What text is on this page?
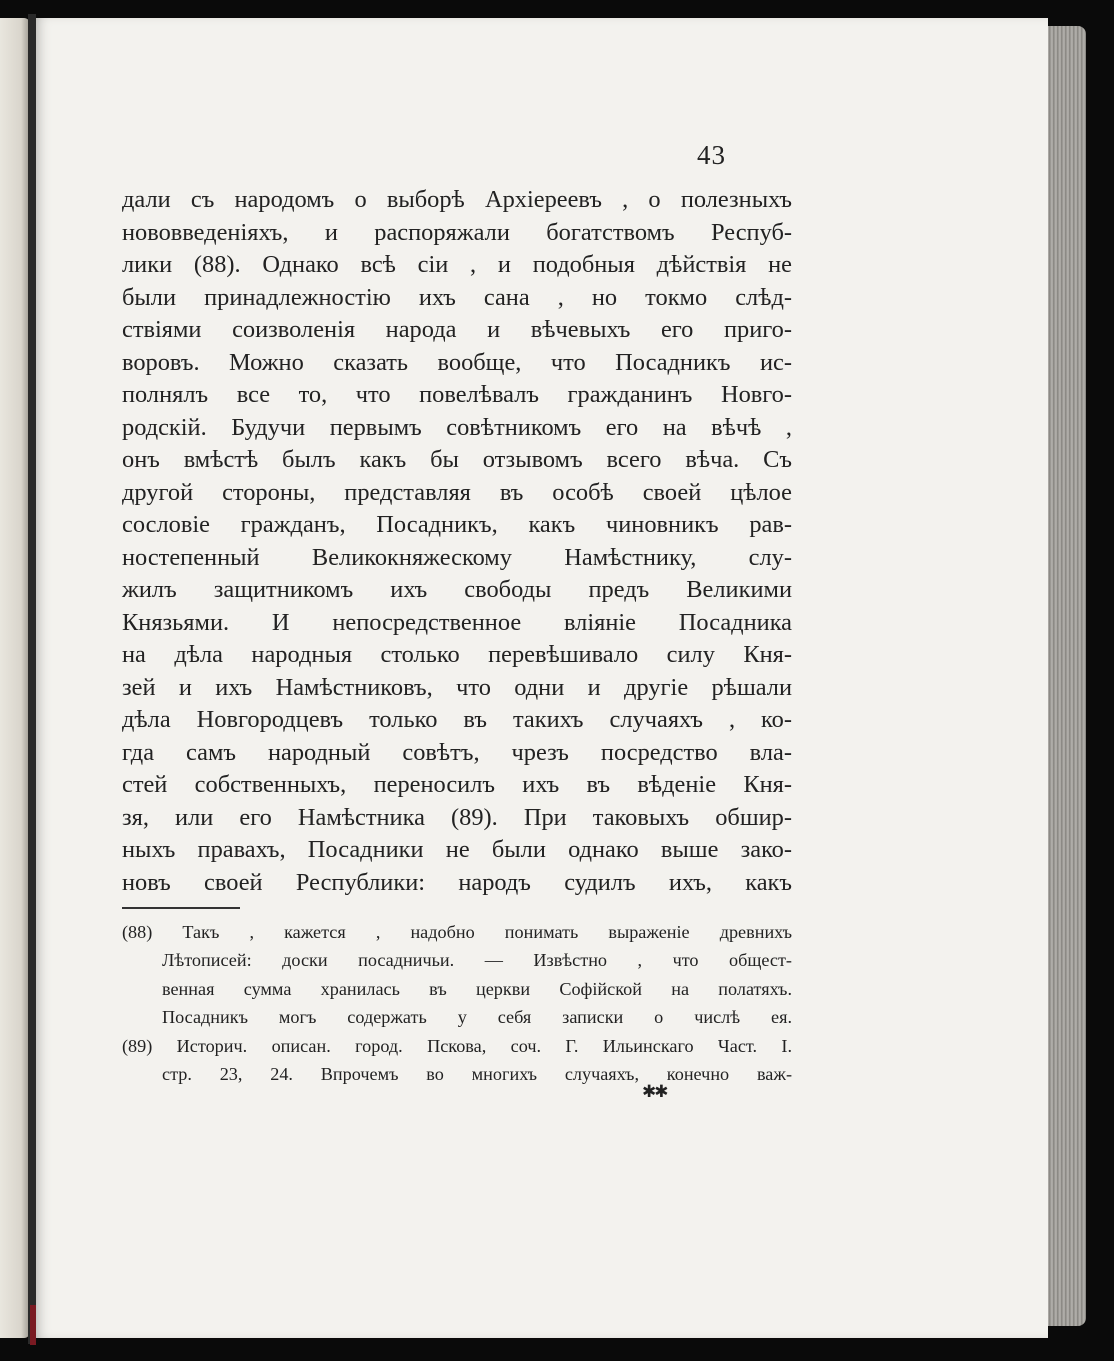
43
дали съ народомъ о выборѣ Архіереевъ , о полезныхъ
нововведеніяхъ, и распоряжали богатствомъ Респуб-
лики (88). Однако всѣ сіи , и подобныя дѣйствія не
были принадлежностію ихъ сана , но токмо слѣд-
ствіями соизволенія народа и вѣчевыхъ его приго-
воровъ. Можно сказать вообще, что Посадникъ ис-
полнялъ все то, что повелѣвалъ гражданинъ Новго-
родскій. Будучи первымъ совѣтникомъ его на вѣчѣ ,
онъ вмѣстѣ былъ какъ бы отзывомъ всего вѣча. Съ
другой стороны, представляя въ особѣ своей цѣлое
сословіе гражданъ, Посадникъ, какъ чиновникъ рав-
ностепенный Великокняжескому Намѣстнику, слу-
жилъ защитникомъ ихъ свободы предъ Великими
Князьями. И непосредственное вліяніе Посадника
на дѣла народныя столько перевѣшивало силу Кня-
зей и ихъ Намѣстниковъ, что одни и другіе рѣшали
дѣла Новгородцевъ только въ такихъ случаяхъ , ко-
гда самъ народный совѣтъ, чрезъ посредство вла-
стей собственныхъ, переносилъ ихъ въ вѣденіе Кня-
зя, или его Намѣстника (89). При таковыхъ обшир-
ныхъ правахъ, Посадники не были однако выше зако-
новъ своей Республики: народъ судилъ ихъ, какъ
(88) Такъ , кажется , надобно понимать выраженіе древнихъ
Лѣтописей: доски посадничьи. — Извѣстно , что общест-
венная сумма хранилась въ церкви Софійской на полатяхъ.
Посадникъ могъ содержать у себя записки о числѣ ея.
(89) Историч. описан. город. Пскова, соч. Г. Ильинскаго Част. I.
стр. 23, 24. Впрочемъ во многихъ случаяхъ, конечно важ-
✱✱
